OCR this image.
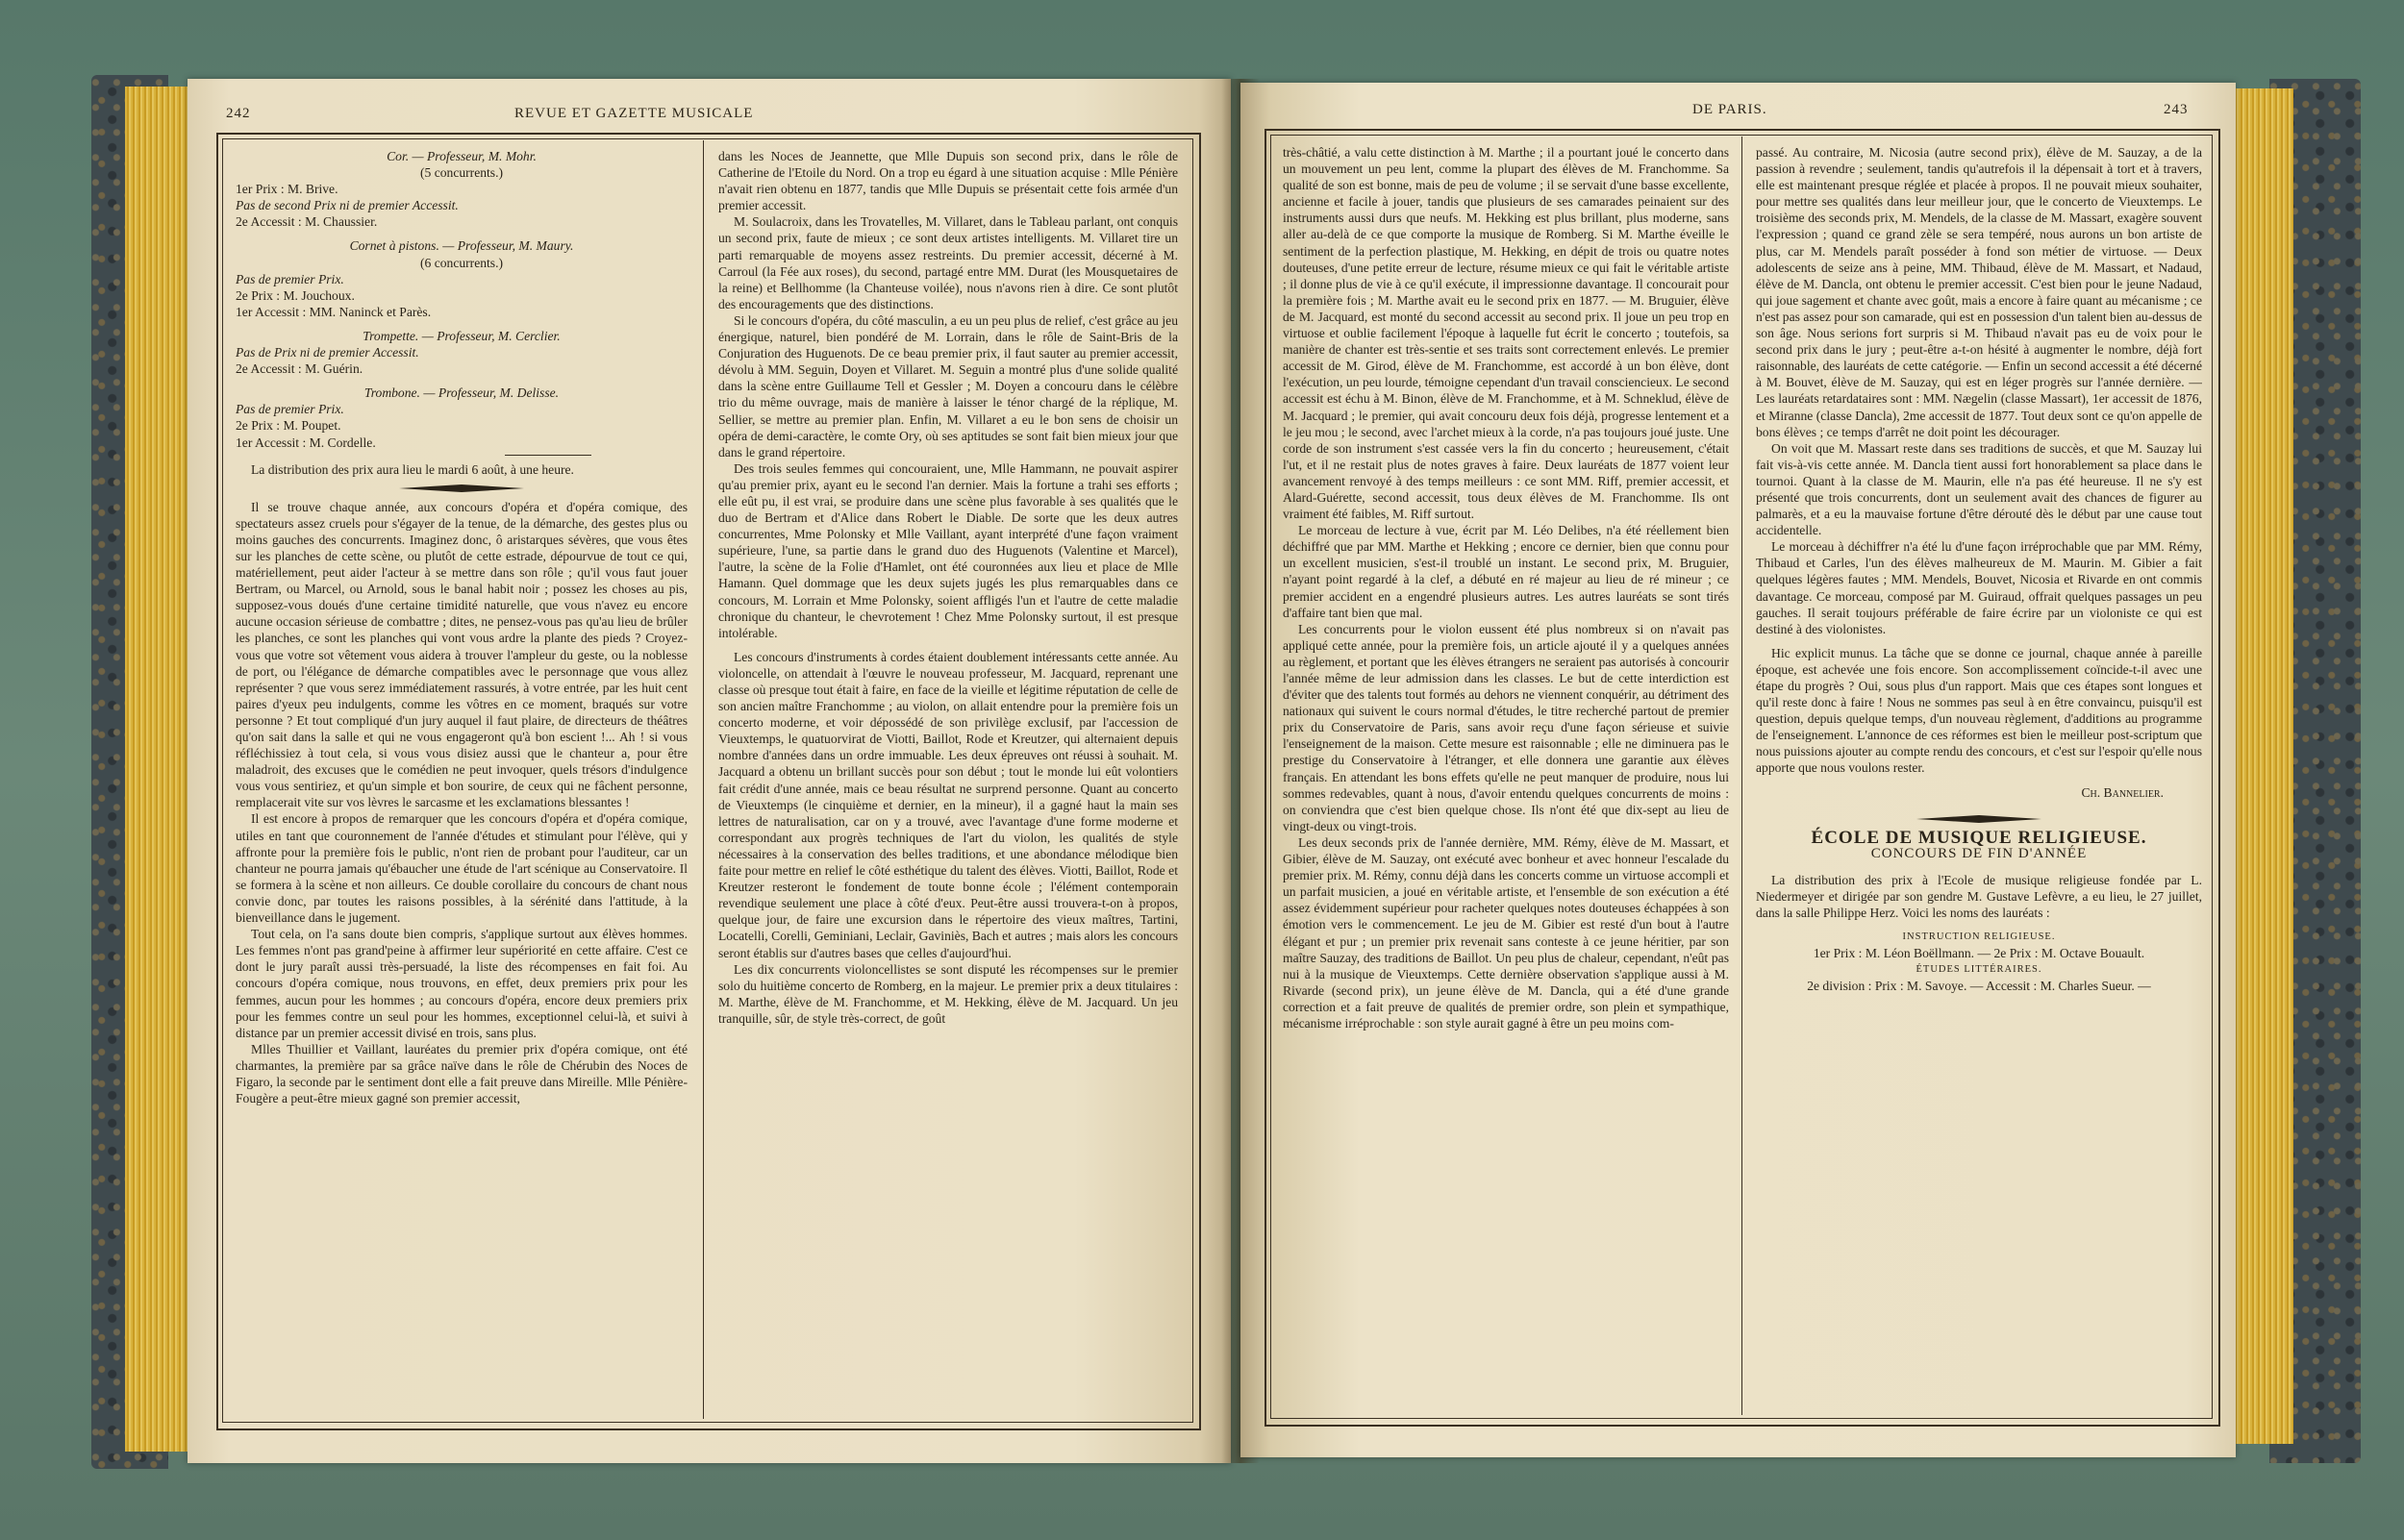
242	REVUE ET GAZETTE MUSICALE

Cor. — Professeur, M. Mohr.

(5 concurrents.)

1er Prix : M. Brive.

Pas de second Prix ni de premier Accessit.

2e Accessit : M. Chaussier.

Cornet à pistons. — Professeur, M. Maury.

(6 concurrents.)

Pas de premier Prix.

2e Prix : M. Jouchoux.

1er Accessit : MM. Naninck et Parès.

Trompette. — Professeur, M. Cerclier.

Pas de Prix ni de premier Accessit.

2e Accessit : M. Guérin.

Trombone. — Professeur, M. Delisse.

Pas de premier Prix.

2e Prix : M. Poupet.

1er Accessit : M. Cordelle.

La distribution des prix aura lieu le mardi 6 août, à une heure.

Il se trouve chaque année, aux concours d'opéra et d'opéra comique, des spectateurs assez cruels pour s'égayer de la tenue, de la démarche, des gestes plus ou moins gauches des concurrents. Imaginez donc, ô aristarques sévères, que vous êtes sur les planches de cette scène, ou plutôt de cette estrade, dépourvue de tout ce qui, matériellement, peut aider l'acteur à se mettre dans son rôle ; qu'il vous faut jouer Bertram, ou Marcel, ou Arnold, sous le banal habit noir ; possez les choses au pis, supposez-vous doués d'une certaine timidité naturelle, que vous n'avez eu encore aucune occasion sérieuse de combattre ; dites, ne pensez-vous pas qu'au lieu de brûler les planches, ce sont les planches qui vont vous ardre la plante des pieds ? Croyez-vous que votre sot vêtement vous aidera à trouver l'ampleur du geste, ou la noblesse de port, ou l'élégance de démarche compatibles avec le personnage que vous allez représenter ? que vous serez immédiatement rassurés, à votre entrée, par les huit cent paires d'yeux peu indulgents, comme les vôtres en ce moment, braqués sur votre personne ? Et tout compliqué d'un jury auquel il faut plaire, de directeurs de théâtres qu'on sait dans la salle et qui ne vous engageront qu'à bon escient !... Ah ! si vous réfléchissiez à tout cela, si vous vous disiez aussi que le chanteur a, pour être maladroit, des excuses que le comédien ne peut invoquer, quels trésors d'indulgence vous vous sentiriez, et qu'un simple et bon sourire, de ceux qui ne fâchent personne, remplacerait vite sur vos lèvres le sarcasme et les exclamations blessantes !

Il est encore à propos de remarquer que les concours d'opéra et d'opéra comique, utiles en tant que couronnement de l'année d'études et stimulant pour l'élève, qui y affronte pour la première fois le public, n'ont rien de probant pour l'auditeur, car un chanteur ne pourra jamais qu'ébaucher une étude de l'art scénique au Conservatoire. Il se formera à la scène et non ailleurs. Ce double corollaire du concours de chant nous convie donc, par toutes les raisons possibles, à la sérénité dans l'attitude, à la bienveillance dans le jugement.

Tout cela, on l'a sans doute bien compris, s'applique surtout aux élèves hommes. Les femmes n'ont pas grand'peine à affirmer leur supériorité en cette affaire. C'est ce dont le jury paraît aussi très-persuadé, la liste des récompenses en fait foi. Au concours d'opéra comique, nous trouvons, en effet, deux premiers prix pour les femmes, aucun pour les hommes ; au concours d'opéra, encore deux premiers prix pour les femmes contre un seul pour les hommes, exceptionnel celui-là, et suivi à distance par un premier accessit divisé en trois, sans plus.

Mlles Thuillier et Vaillant, lauréates du premier prix d'opéra comique, ont été charmantes, la première par sa grâce naïve dans le rôle de Chérubin des Noces de Figaro, la seconde par le sentiment dont elle a fait preuve dans Mireille. Mlle Pénière-Fougère a peut-être mieux gagné son premier accessit,

dans les Noces de Jeannette, que Mlle Dupuis son second prix, dans le rôle de Catherine de l'Etoile du Nord. On a trop eu égard à une situation acquise : Mlle Pénière n'avait rien obtenu en 1877, tandis que Mlle Dupuis se présentait cette fois armée d'un premier accessit.

M. Soulacroix, dans les Trovatelles, M. Villaret, dans le Tableau parlant, ont conquis un second prix, faute de mieux ; ce sont deux artistes intelligents. M. Villaret tire un parti remarquable de moyens assez restreints. Du premier accessit, décerné à M. Carroul (la Fée aux roses), du second, partagé entre MM. Durat (les Mousquetaires de la reine) et Bellhomme (la Chanteuse voilée), nous n'avons rien à dire. Ce sont plutôt des encouragements que des distinctions.

Si le concours d'opéra, du côté masculin, a eu un peu plus de relief, c'est grâce au jeu énergique, naturel, bien pondéré de M. Lorrain, dans le rôle de Saint-Bris de la Conjuration des Huguenots. De ce beau premier prix, il faut sauter au premier accessit, dévolu à MM. Seguin, Doyen et Villaret. M. Seguin a montré plus d'une solide qualité dans la scène entre Guillaume Tell et Gessler ; M. Doyen a concouru dans le célèbre trio du même ouvrage, mais de manière à laisser le ténor chargé de la réplique, M. Sellier, se mettre au premier plan. Enfin, M. Villaret a eu le bon sens de choisir un opéra de demi-caractère, le comte Ory, où ses aptitudes se sont fait bien mieux jour que dans le grand répertoire.

Des trois seules femmes qui concouraient, une, Mlle Hammann, ne pouvait aspirer qu'au premier prix, ayant eu le second l'an dernier. Mais la fortune a trahi ses efforts ; elle eût pu, il est vrai, se produire dans une scène plus favorable à ses qualités que le duo de Bertram et d'Alice dans Robert le Diable. De sorte que les deux autres concurrentes, Mme Polonsky et Mlle Vaillant, ayant interprété d'une façon vraiment supérieure, l'une, sa partie dans le grand duo des Huguenots (Valentine et Marcel), l'autre, la scène de la Folie d'Hamlet, ont été couronnées aux lieu et place de Mlle Hamann. Quel dommage que les deux sujets jugés les plus remarquables dans ce concours, M. Lorrain et Mme Polonsky, soient affligés l'un et l'autre de cette maladie chronique du chanteur, le chevrotement ! Chez Mme Polonsky surtout, il est presque intolérable.

Les concours d'instruments à cordes étaient doublement intéressants cette année. Au violoncelle, on attendait à l'œuvre le nouveau professeur, M. Jacquard, reprenant une classe où presque tout était à faire, en face de la vieille et légitime réputation de celle de son ancien maître Franchomme ; au violon, on allait entendre pour la première fois un concerto moderne, et voir dépossédé de son privilège exclusif, par l'accession de Vieuxtemps, le quatuorvirat de Viotti, Baillot, Rode et Kreutzer, qui alternaient depuis nombre d'années dans un ordre immuable. Les deux épreuves ont réussi à souhait. M. Jacquard a obtenu un brillant succès pour son début ; tout le monde lui eût volontiers fait crédit d'une année, mais ce beau résultat ne surprend personne. Quant au concerto de Vieuxtemps (le cinquième et dernier, en la mineur), il a gagné haut la main ses lettres de naturalisation, car on y a trouvé, avec l'avantage d'une forme moderne et correspondant aux progrès techniques de l'art du violon, les qualités de style nécessaires à la conservation des belles traditions, et une abondance mélodique bien faite pour mettre en relief le côté esthétique du talent des élèves. Viotti, Baillot, Rode et Kreutzer resteront le fondement de toute bonne école ; l'élément contemporain revendique seulement une place à côté d'eux. Peut-être aussi trouvera-t-on à propos, quelque jour, de faire une excursion dans le répertoire des vieux maîtres, Tartini, Locatelli, Corelli, Geminiani, Leclair, Gaviniès, Bach et autres ; mais alors les concours seront établis sur d'autres bases que celles d'aujourd'hui.

Les dix concurrents violoncellistes se sont disputé les récompenses sur le premier solo du huitième concerto de Romberg, en la majeur. Le premier prix a deux titulaires : M. Marthe, élève de M. Franchomme, et M. Hekking, élève de M. Jacquard. Un jeu tranquille, sûr, de style très-correct, de goût

DE PARIS.	243

très-châtié, a valu cette distinction à M. Marthe ; il a pourtant joué le concerto dans un mouvement un peu lent, comme la plupart des élèves de M. Franchomme. Sa qualité de son est bonne, mais de peu de volume ; il se servait d'une basse excellente, ancienne et facile à jouer, tandis que plusieurs de ses camarades peinaient sur des instruments aussi durs que neufs. M. Hekking est plus brillant, plus moderne, sans aller au-delà de ce que comporte la musique de Romberg. Si M. Marthe éveille le sentiment de la perfection plastique, M. Hekking, en dépit de trois ou quatre notes douteuses, d'une petite erreur de lecture, résume mieux ce qui fait le véritable artiste ; il donne plus de vie à ce qu'il exécute, il impressionne davantage. Il concourait pour la première fois ; M. Marthe avait eu le second prix en 1877. — M. Bruguier, élève de M. Jacquard, est monté du second accessit au second prix. Il joue un peu trop en virtuose et oublie facilement l'époque à laquelle fut écrit le concerto ; toutefois, sa manière de chanter est très-sentie et ses traits sont correctement enlevés. Le premier accessit de M. Girod, élève de M. Franchomme, est accordé à un bon élève, dont l'exécution, un peu lourde, témoigne cependant d'un travail consciencieux. Le second accessit est échu à M. Binon, élève de M. Franchomme, et à M. Schneklud, élève de M. Jacquard ; le premier, qui avait concouru deux fois déjà, progresse lentement et a le jeu mou ; le second, avec l'archet mieux à la corde, n'a pas toujours joué juste. Une corde de son instrument s'est cassée vers la fin du concerto ; heureusement, c'était l'ut, et il ne restait plus de notes graves à faire. Deux lauréats de 1877 voient leur avancement renvoyé à des temps meilleurs : ce sont MM. Riff, premier accessit, et Alard-Guérette, second accessit, tous deux élèves de M. Franchomme. Ils ont vraiment été faibles, M. Riff surtout.

Le morceau de lecture à vue, écrit par M. Léo Delibes, n'a été réellement bien déchiffré que par MM. Marthe et Hekking ; encore ce dernier, bien que connu pour un excellent musicien, s'est-il troublé un instant. Le second prix, M. Bruguier, n'ayant point regardé à la clef, a débuté en ré majeur au lieu de ré mineur ; ce premier accident en a engendré plusieurs autres. Les autres lauréats se sont tirés d'affaire tant bien que mal.

Les concurrents pour le violon eussent été plus nombreux si on n'avait pas appliqué cette année, pour la première fois, un article ajouté il y a quelques années au règlement, et portant que les élèves étrangers ne seraient pas autorisés à concourir l'année même de leur admission dans les classes. Le but de cette interdiction est d'éviter que des talents tout formés au dehors ne viennent conquérir, au détriment des nationaux qui suivent le cours normal d'études, le titre recherché partout de premier prix du Conservatoire de Paris, sans avoir reçu d'une façon sérieuse et suivie l'enseignement de la maison. Cette mesure est raisonnable ; elle ne diminuera pas le prestige du Conservatoire à l'étranger, et elle donnera une garantie aux élèves français. En attendant les bons effets qu'elle ne peut manquer de produire, nous lui sommes redevables, quant à nous, d'avoir entendu quelques concurrents de moins : on conviendra que c'est bien quelque chose. Ils n'ont été que dix-sept au lieu de vingt-deux ou vingt-trois.

Les deux seconds prix de l'année dernière, MM. Rémy, élève de M. Massart, et Gibier, élève de M. Sauzay, ont exécuté avec bonheur et avec honneur l'escalade du premier prix. M. Rémy, connu déjà dans les concerts comme un virtuose accompli et un parfait musicien, a joué en véritable artiste, et l'ensemble de son exécution a été assez évidemment supérieur pour racheter quelques notes douteuses échappées à son émotion vers le commencement. Le jeu de M. Gibier est resté d'un bout à l'autre élégant et pur ; un premier prix revenait sans conteste à ce jeune héritier, par son maître Sauzay, des traditions de Baillot. Un peu plus de chaleur, cependant, n'eût pas nui à la musique de Vieuxtemps. Cette dernière observation s'applique aussi à M. Rivarde (second prix), un jeune élève de M. Dancla, qui a été d'une grande correction et a fait preuve de qualités de premier ordre, son plein et sympathique, mécanisme irréprochable : son style aurait gagné à être un peu moins com-

passé. Au contraire, M. Nicosia (autre second prix), élève de M. Sauzay, a de la passion à revendre ; seulement, tandis qu'autrefois il la dépensait à tort et à travers, elle est maintenant presque réglée et placée à propos. Il ne pouvait mieux souhaiter, pour mettre ses qualités dans leur meilleur jour, que le concerto de Vieuxtemps. Le troisième des seconds prix, M. Mendels, de la classe de M. Massart, exagère souvent l'expression ; quand ce grand zèle se sera tempéré, nous aurons un bon artiste de plus, car M. Mendels paraît posséder à fond son métier de virtuose. — Deux adolescents de seize ans à peine, MM. Thibaud, élève de M. Massart, et Nadaud, élève de M. Dancla, ont obtenu le premier accessit. C'est bien pour le jeune Nadaud, qui joue sagement et chante avec goût, mais a encore à faire quant au mécanisme ; ce n'est pas assez pour son camarade, qui est en possession d'un talent bien au-dessus de son âge. Nous serions fort surpris si M. Thibaud n'avait pas eu de voix pour le second prix dans le jury ; peut-être a-t-on hésité à augmenter le nombre, déjà fort raisonnable, des lauréats de cette catégorie. — Enfin un second accessit a été décerné à M. Bouvet, élève de M. Sauzay, qui est en léger progrès sur l'année dernière. — Les lauréats retardataires sont : MM. Nægelin (classe Massart), 1er accessit de 1876, et Miranne (classe Dancla), 2me accessit de 1877. Tout deux sont ce qu'on appelle de bons élèves ; ce temps d'arrêt ne doit point les décourager.

On voit que M. Massart reste dans ses traditions de succès, et que M. Sauzay lui fait vis-à-vis cette année. M. Dancla tient aussi fort honorablement sa place dans le tournoi. Quant à la classe de M. Maurin, elle n'a pas été heureuse. Il ne s'y est présenté que trois concurrents, dont un seulement avait des chances de figurer au palmarès, et a eu la mauvaise fortune d'être dérouté dès le début par une cause tout accidentelle.

Le morceau à déchiffrer n'a été lu d'une façon irréprochable que par MM. Rémy, Thibaud et Carles, l'un des élèves malheureux de M. Maurin. M. Gibier a fait quelques légères fautes ; MM. Mendels, Bouvet, Nicosia et Rivarde en ont commis davantage. Ce morceau, composé par M. Guiraud, offrait quelques passages un peu gauches. Il serait toujours préférable de faire écrire par un violoniste ce qui est destiné à des violonistes.

Hic explicit munus. La tâche que se donne ce journal, chaque année à pareille époque, est achevée une fois encore. Son accomplissement coïncide-t-il avec une étape du progrès ? Oui, sous plus d'un rapport. Mais que ces étapes sont longues et qu'il reste donc à faire ! Nous ne sommes pas seul à en être convaincu, puisqu'il est question, depuis quelque temps, d'un nouveau règlement, d'additions au programme de l'enseignement. L'annonce de ces réformes est bien le meilleur post-scriptum que nous puissions ajouter au compte rendu des concours, et c'est sur l'espoir qu'elle nous apporte que nous voulons rester.

Ch. Bannelier.

ÉCOLE DE MUSIQUE RELIGIEUSE.
CONCOURS DE FIN D'ANNÉE

La distribution des prix à l'Ecole de musique religieuse fondée par L. Niedermeyer et dirigée par son gendre M. Gustave Lefèvre, a eu lieu, le 27 juillet, dans la salle Philippe Herz. Voici les noms des lauréats :

INSTRUCTION RELIGIEUSE.

1er Prix : M. Léon Boëllmann. — 2e Prix : M. Octave Bouault.

ÉTUDES LITTÉRAIRES.

2e division : Prix : M. Savoye. — Accessit : M. Charles Sueur. —
